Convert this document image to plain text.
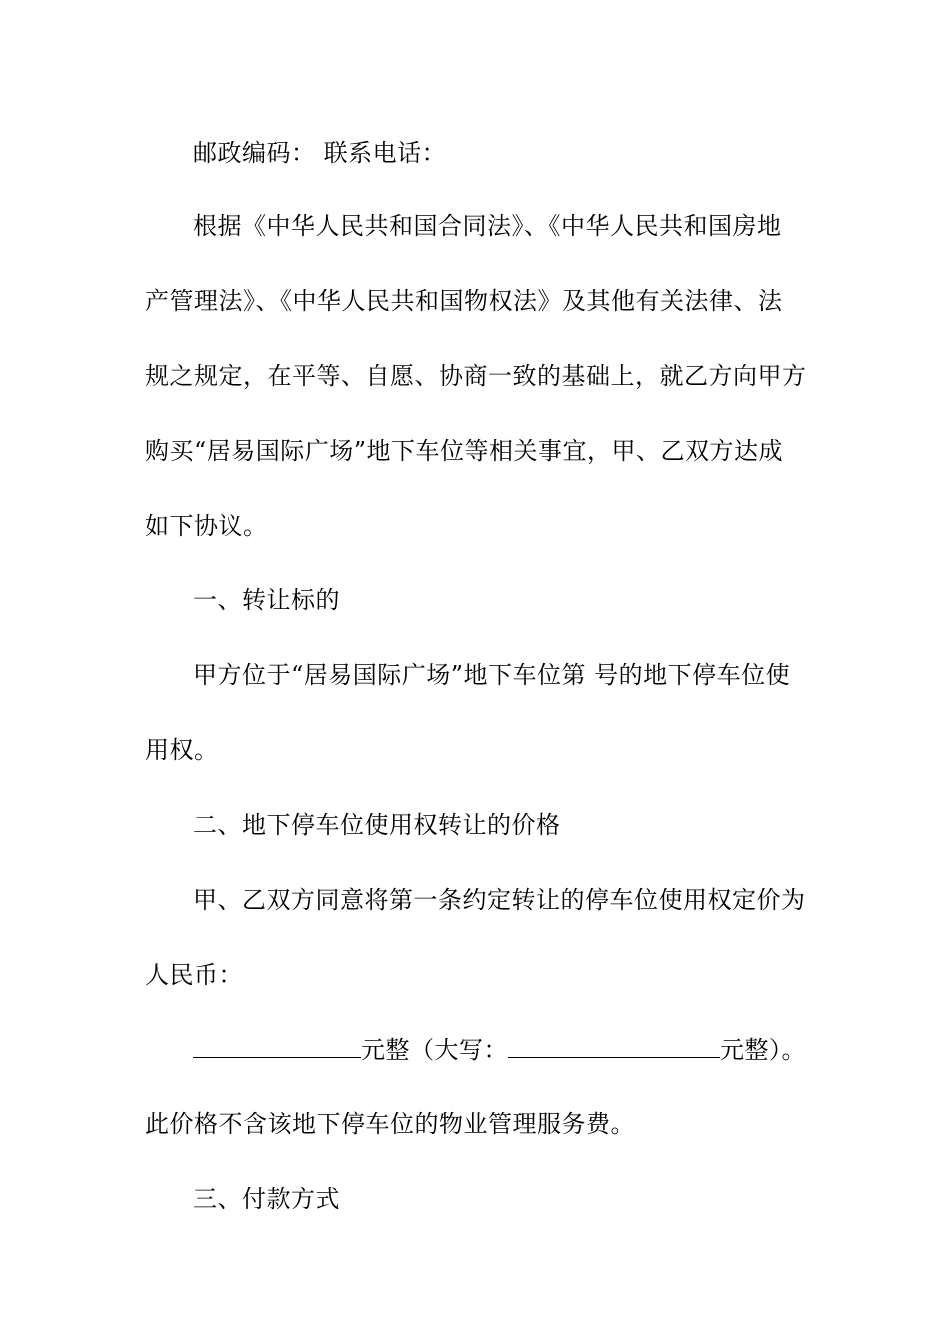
邮政编码： 联系电话：
根据《中华人民共和国合同法》、《中华人民共和国房地
产管理法》、《中华人民共和国物权法》及其他有关法律、法
规之规定，在平等、自愿、协商一致的基础上，就乙方向甲方
购买“居易国际广场”地下车位等相关事宜，甲、乙双方达成
如下协议。
一、转让标的
甲方位于“居易国际广场”地下车位第 号的地下停车位使
用权。
二、地下停车位使用权转让的价格
甲、乙双方同意将第一条约定转让的停车位使用权定价为
人民币：
元整（大写：	元整）。
此价格不含该地下停车位的物业管理服务费。
三、付款方式
